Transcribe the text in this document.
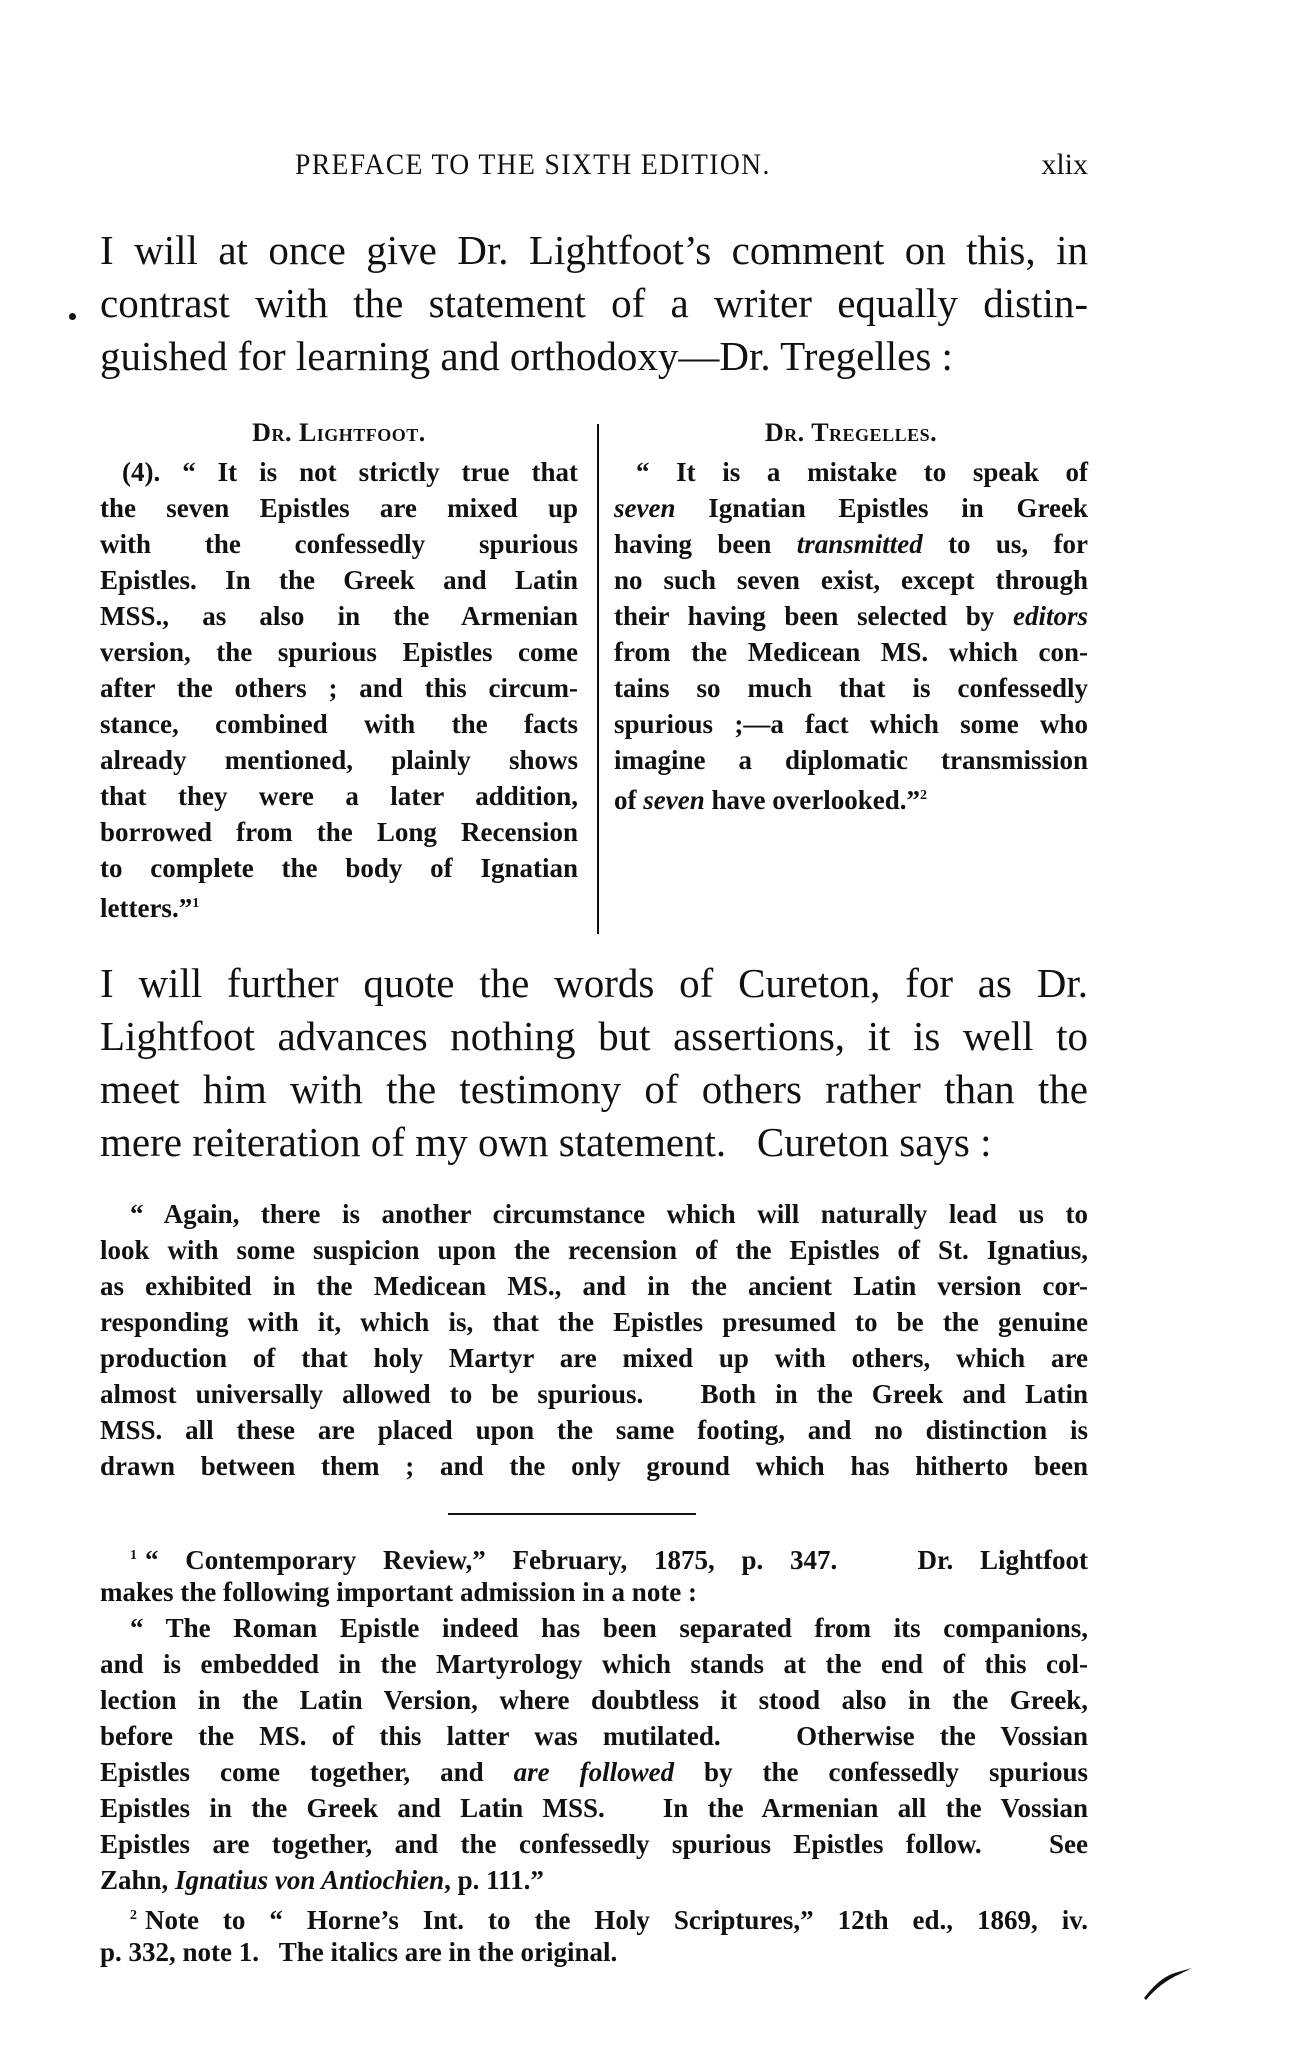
PREFACE TO THE SIXTH EDITION.	xlix
I will at once give Dr. Lightfoot’s comment on this, in
contrast with the statement of a writer equally distin-
guished for learning and orthodoxy—Dr. Tregelles :
Dr. Lightfoot.	Dr. Tregelles.
(4). “ It is not strictly true that
the seven Epistles are mixed up
with the confessedly spurious
Epistles. In the Greek and Latin
MSS., as also in the Armenian
version, the spurious Epistles come
after the others ; and this circum-
stance, combined with the facts
already mentioned, plainly shows
that they were a later addition,
borrowed from the Long Recension
to complete the body of Ignatian
letters.”$^1$
“ It is a mistake to speak of
seven Ignatian Epistles in Greek
having been transmitted to us, for
no such seven exist, except through
their having been selected by editors
from the Medicean MS. which con-
tains so much that is confessedly
spurious ;—a fact which some who
imagine a diplomatic transmission
of seven have overlooked.”$^2$
I will further quote the words of Cureton, for as Dr.
Lightfoot advances nothing but assertions, it is well to
meet him with the testimony of others rather than the
mere reiteration of my own statement.   Cureton says :
“ Again, there is another circumstance which will naturally lead us to
look with some suspicion upon the recension of the Epistles of St. Ignatius,
as exhibited in the Medicean MS., and in the ancient Latin version cor-
responding with it, which is, that the Epistles presumed to be the genuine
production of that holy Martyr are mixed up with others, which are
almost universally allowed to be spurious.   Both in the Greek and Latin
MSS. all these are placed upon the same footing, and no distinction is
drawn between them ; and the only ground which has hitherto been
$^1$ “ Contemporary Review,” February, 1875, p. 347.   Dr. Lightfoot
makes the following important admission in a note :
“ The Roman Epistle indeed has been separated from its companions,
and is embedded in the Martyrology which stands at the end of this col-
lection in the Latin Version, where doubtless it stood also in the Greek,
before the MS. of this latter was mutilated.   Otherwise the Vossian
Epistles come together, and are followed by the confessedly spurious
Epistles in the Greek and Latin MSS.   In the Armenian all the Vossian
Epistles are together, and the confessedly spurious Epistles follow.   See
Zahn, Ignatius von Antiochien, p. 111.”
$^2$ Note to “ Horne’s Int. to the Holy Scriptures,” 12th ed., 1869, iv.
p. 332, note 1.   The italics are in the original.
